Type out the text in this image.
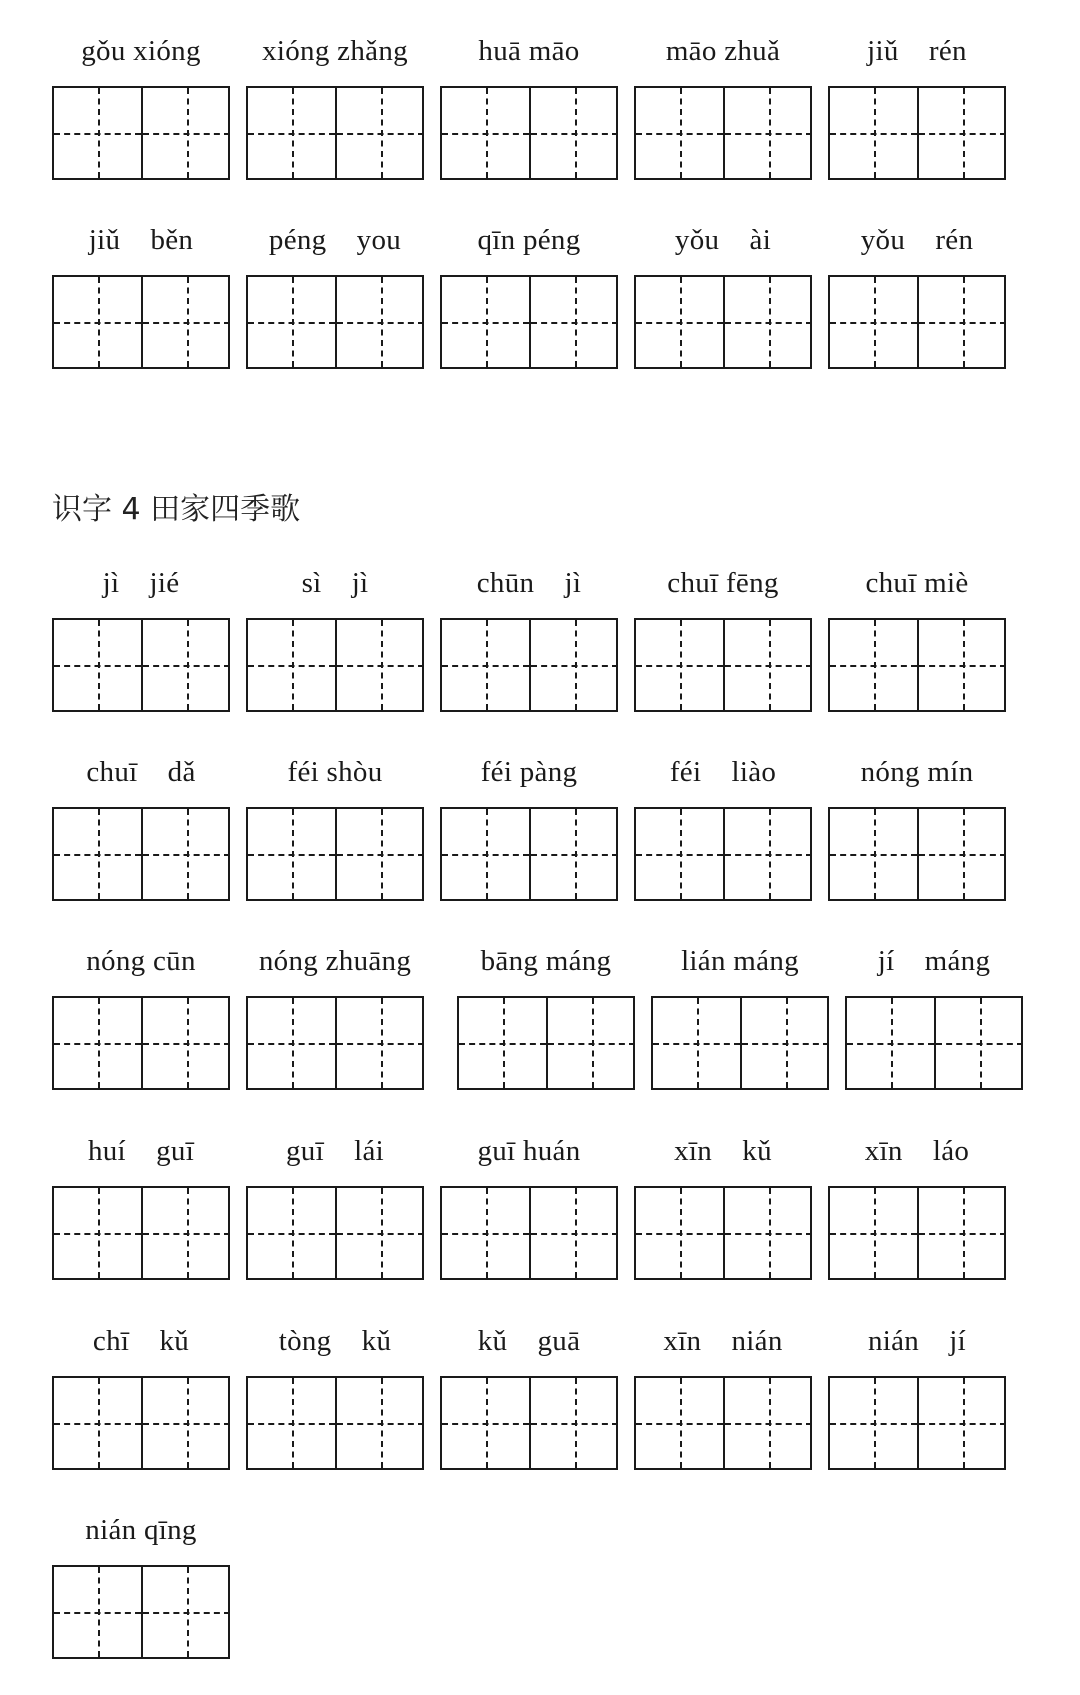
识字 4 田家四季歌
gǒu xióng	xióng zhǎng	huā māo	māo zhuǎ	jiǔ    rén
jiǔ    běn	péng    you	qīn péng	yǒu    ài	yǒu    rén
jì    jié	sì    jì	chūn    jì	chuī fēng	chuī miè
chuī    dǎ	féi shòu	féi pàng	féi    liào	nóng mín
nóng cūn	nóng zhuāng	bāng máng	lián máng	jí    máng
huí    guī	guī    lái	guī huán	xīn    kǔ	xīn    láo
chī    kǔ	tòng    kǔ	kǔ    guā	xīn    nián	nián    jí
nián qīng
